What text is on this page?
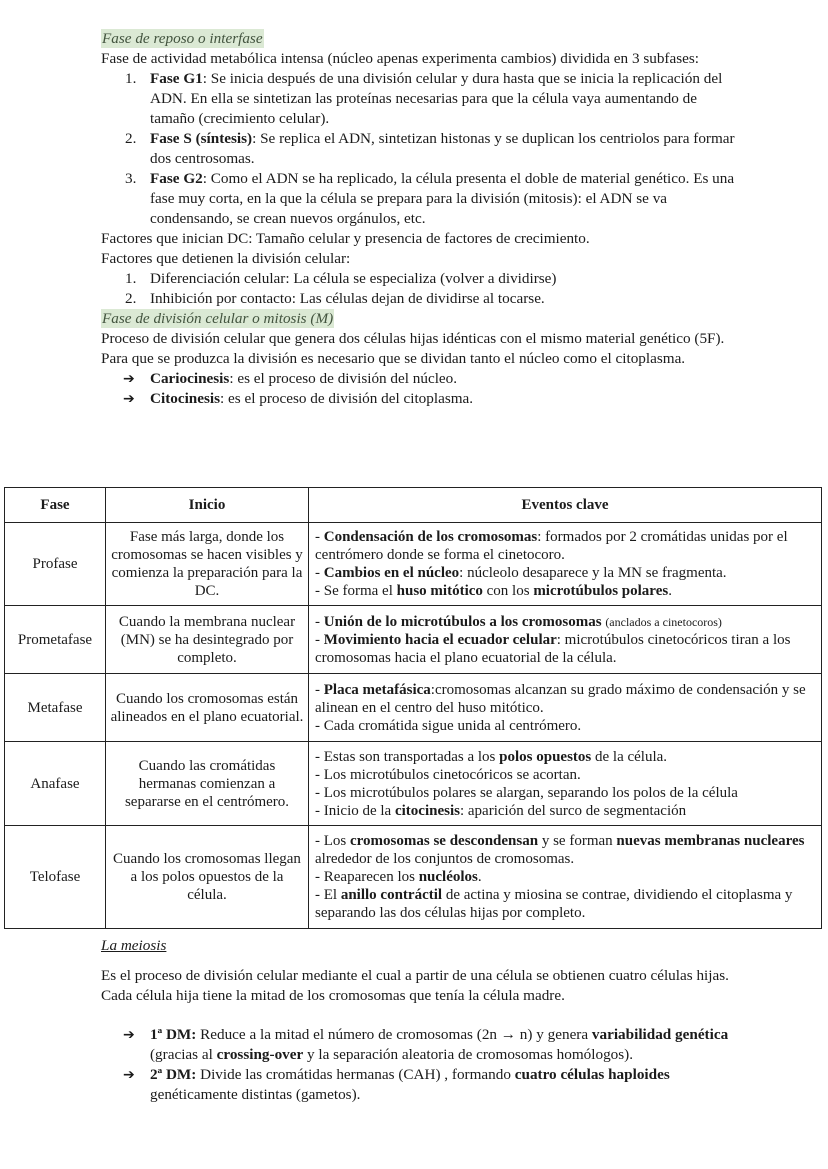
Fase de reposo o interfase

Fase de actividad metabólica intensa (núcleo apenas experimenta cambios) dividida en 3 subfases:

1. Fase G1: Se inicia después de una división celular y dura hasta que se inicia la replicación del ADN. En ella se sintetizan las proteínas necesarias para que la célula vaya aumentando de tamaño (crecimiento celular).
2. Fase S (síntesis): Se replica el ADN, sintetizan histonas y se duplican los centriolos para formar dos centrosomas.
3. Fase G2: Como el ADN se ha replicado, la célula presenta el doble de material genético. Es una fase muy corta, en la que la célula se prepara para la división (mitosis): el ADN se va condensando, se crean nuevos orgánulos, etc.

Factores que inician DC: Tamaño celular y presencia de factores de crecimiento.

Factores que detienen la división celular:

1. Diferenciación celular: La célula se especializa (volver a dividirse)
2. Inhibición por contacto: Las células dejan de dividirse al tocarse.
Fase de división celular o mitosis (M)

Proceso de división celular que genera dos células hijas idénticas con el mismo material genético (5F).

Para que se produzca la división es necesario que se dividan tanto el núcleo como el citoplasma.

➔ Cariocinesis: es el proceso de división del núcleo.
➔ Citocinesis: es el proceso de división del citoplasma.
Fase	Inicio	Eventos clave
Profase	Fase más larga, donde los cromosomas se hacen visibles y comienza la preparación para la DC.	- Condensación de los cromosomas: formados por 2 cromátidas unidas por el centrómero donde se forma el cinetocoro.
- Cambios en el núcleo: núcleolo desaparece y la MN se fragmenta.
- Se forma el huso mitótico con los microtúbulos polares.

Prometafase	Cuando la membrana nuclear (MN) se ha desintegrado por completo.	- Unión de lo microtúbulos a los cromosomas (anclados a cinetocoros)
- Movimiento hacia el ecuador celular: microtúbulos cinetocóricos tiran a los cromosomas hacia el plano ecuatorial de la célula.

Metafase	Cuando los cromosomas están alineados en el plano ecuatorial.	- Placa metafásica:cromosomas alcanzan su grado máximo de condensación y se alinean en el centro del huso mitótico.
- Cada cromátida sigue unida al centrómero.

Anafase	Cuando las cromátidas hermanas comienzan a separarse en el centrómero.	- Estas son transportadas a los polos opuestos de la célula.
- Los microtúbulos cinetocóricos se acortan.
- Los microtúbulos polares se alargan, separando los polos de la célula
- Inicio de la citocinesis: aparición del surco de segmentación

Telofase	Cuando los cromosomas llegan a los polos opuestos de la célula.	- Los cromosomas se descondensan y se forman nuevas membranas nucleares alrededor de los conjuntos de cromosomas.
- Reaparecen los nucléolos.
- El anillo contráctil de actina y miosina se contrae, dividiendo el citoplasma y separando las dos células hijas por completo.
La meiosis

Es el proceso de división celular mediante el cual a partir de una célula se obtienen cuatro células hijas. Cada célula hija tiene la mitad de los cromosomas que tenía la célula madre.

➔ 1ª DM: Reduce a la mitad el número de cromosomas (2n → n) y genera variabilidad genética (gracias al crossing-over y la separación aleatoria de cromosomas homólogos).
➔ 2ª DM: Divide las cromátidas hermanas (CAH) , formando cuatro células haploides genéticamente distintas (gametos).
